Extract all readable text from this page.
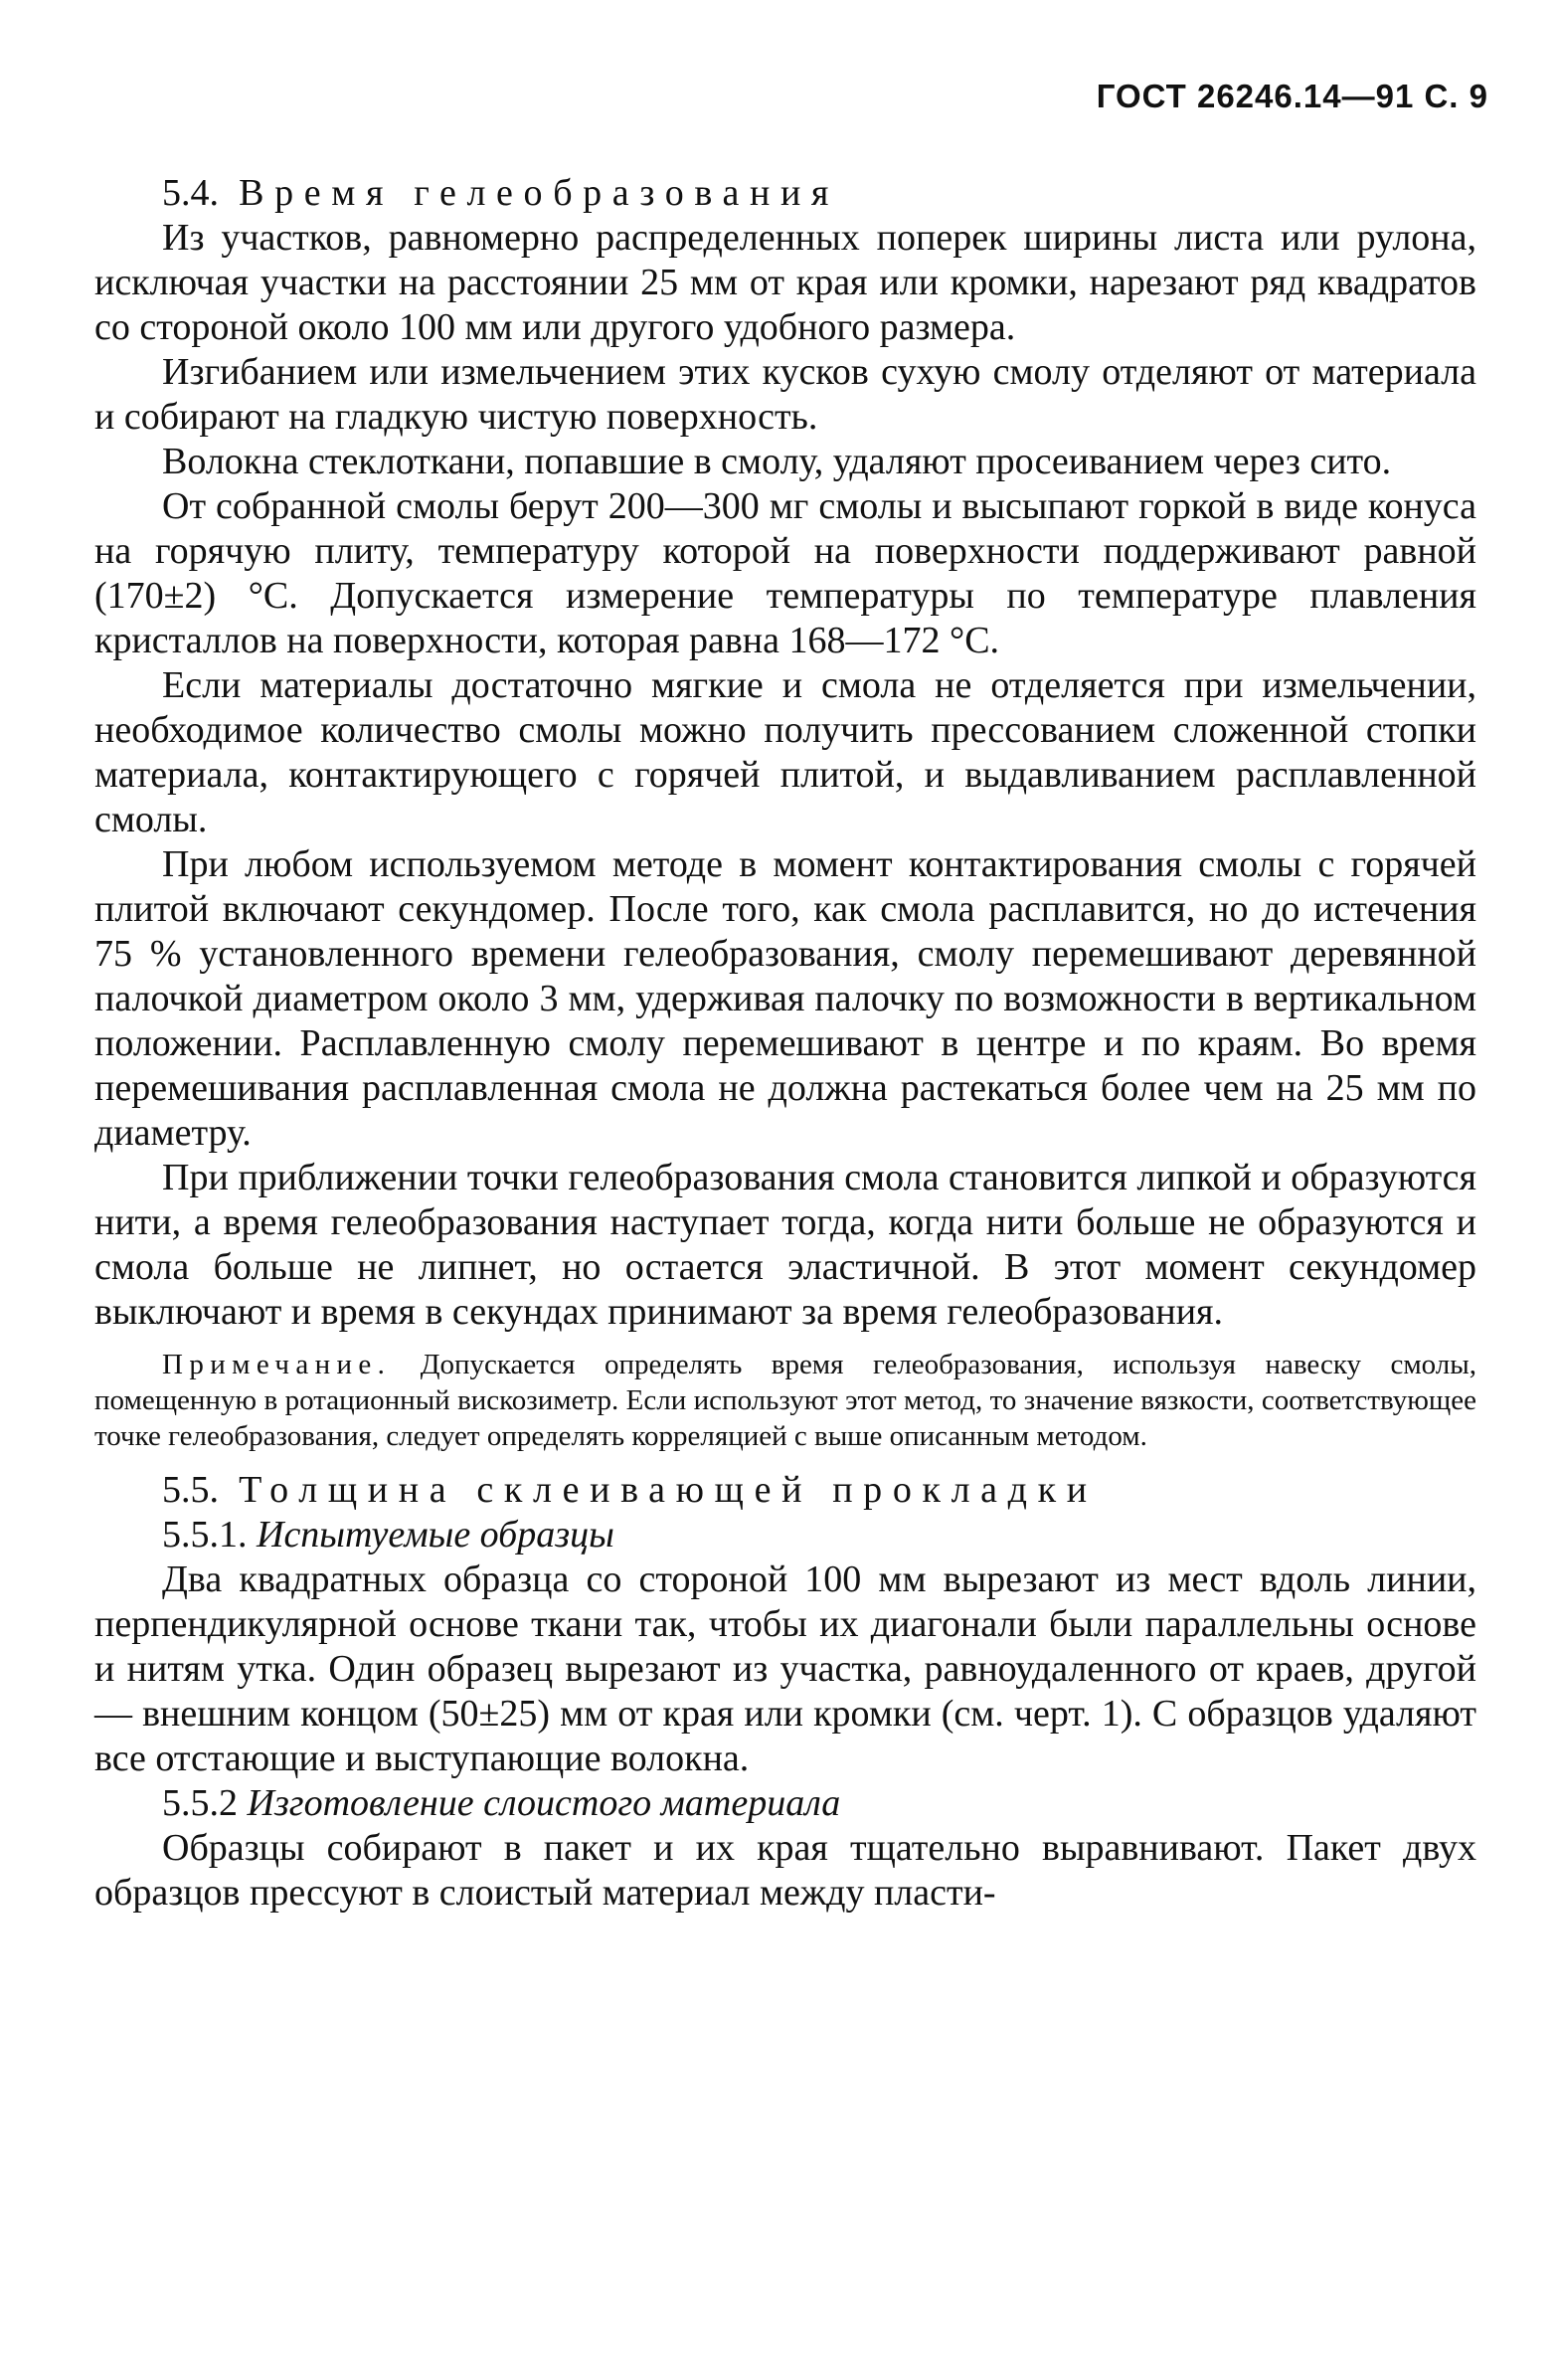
ГОСТ 26246.14—91 С. 9
5.4. Время гелеобразования

Из участков, равномерно распределенных поперек ширины листа или рулона, исключая участки на расстоянии 25 мм от края или кромки, нарезают ряд квадратов со стороной около 100 мм или другого удобного размера.

Изгибанием или измельчением этих кусков сухую смолу отделяют от материала и собирают на гладкую чистую поверхность.

Волокна стеклоткани, попавшие в смолу, удаляют просеиванием через сито.

От собранной смолы берут 200—300 мг смолы и высыпают горкой в виде конуса на горячую плиту, температуру которой на поверхности поддерживают равной (170±2) °С. Допускается измерение температуры по температуре плавления кристаллов на поверхности, которая равна 168—172 °С.

Если материалы достаточно мягкие и смола не отделяется при измельчении, необходимое количество смолы можно получить прессованием сложенной стопки материала, контактирующего с горячей плитой, и выдавливанием расплавленной смолы.

При любом используемом методе в момент контактирования смолы с горячей плитой включают секундомер. После того, как смола расплавится, но до истечения 75 % установленного времени гелеобразования, смолу перемешивают деревянной палочкой диаметром около 3 мм, удерживая палочку по возможности в вертикальном положении. Расплавленную смолу перемешивают в центре и по краям. Во время перемешивания расплавленная смола не должна растекаться более чем на 25 мм по диаметру.

При приближении точки гелеобразования смола становится липкой и образуются нити, а время гелеобразования наступает тогда, когда нити больше не образуются и смола больше не липнет, но остается эластичной. В этот момент секундомер выключают и время в секундах принимают за время гелеобразования.

Примечание. Допускается определять время гелеобразования, используя навеску смолы, помещенную в ротационный вискозиметр. Если используют этот метод, то значение вязкости, соответствующее точке гелеобразования, следует определять корреляцией с выше описанным методом.
5.5. Толщина склеивающей прокладки
5.5.1. Испытуемые образцы

Два квадратных образца со стороной 100 мм вырезают из мест вдоль линии, перпендикулярной основе ткани так, чтобы их диагонали были параллельны основе и нитям утка. Один образец вырезают из участка, равноудаленного от краев, другой — внешним концом (50±25) мм от края или кромки (см. черт. 1). С образцов удаляют все отстающие и выступающие волокна.

5.5.2 Изготовление слоистого материала

Образцы собирают в пакет и их края тщательно выравнивают. Пакет двух образцов прессуют в слоистый материал между пласти-
